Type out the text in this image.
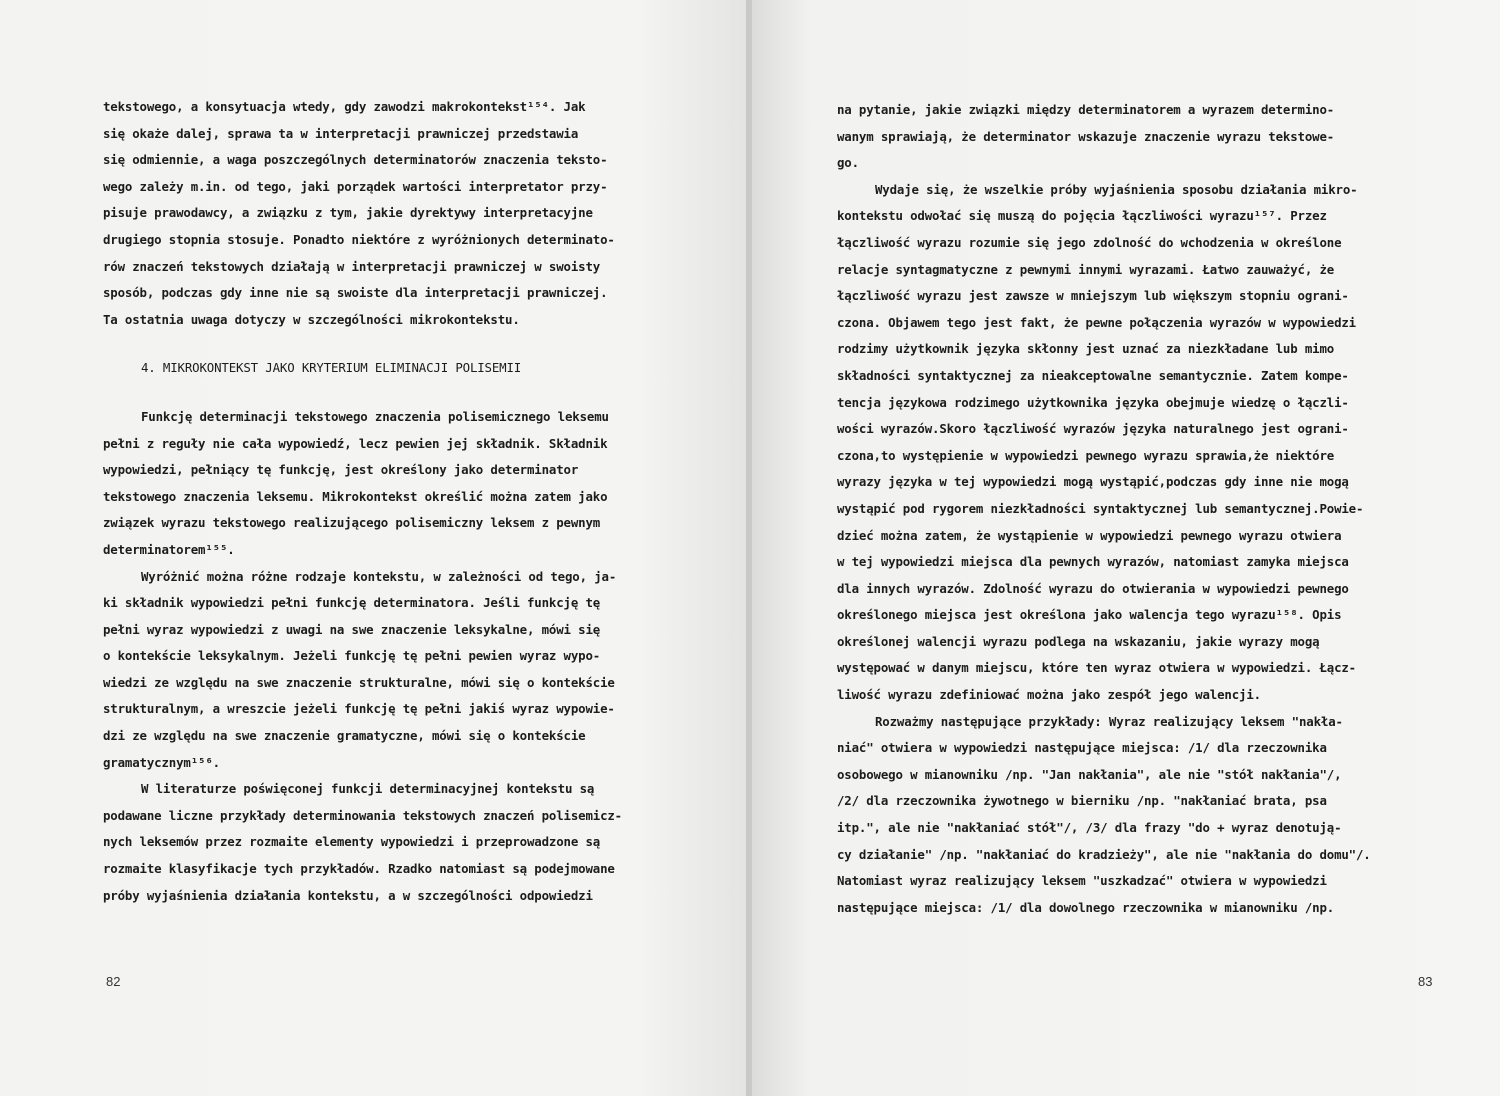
tekstowego, a konsytuacja wtedy, gdy zawodzi makrokontekst¹⁵⁴. Jak
się okaże dalej, sprawa ta w interpretacji prawniczej przedstawia
się odmiennie, a waga poszczególnych determinatorów znaczenia teksto-
wego zależy m.in. od tego, jaki porządek wartości interpretator przy-
pisuje prawodawcy, a związku z tym, jakie dyrektywy interpretacyjne
drugiego stopnia stosuje. Ponadto niektóre z wyróżnionych determinato-
rów znaczeń tekstowych działają w interpretacji prawniczej w swoisty
sposób, podczas gdy inne nie są swoiste dla interpretacji prawniczej.
Ta ostatnia uwaga dotyczy w szczególności mikrokontekstu.
4. MIKROKONTEKST JAKO KRYTERIUM ELIMINACJI POLISEMII
Funkcję determinacji tekstowego znaczenia polisemicznego leksemu
pełni z reguły nie cała wypowiedź, lecz pewien jej składnik. Składnik
wypowiedzi, pełniący tę funkcję, jest określony jako determinator
tekstowego znaczenia leksemu. Mikrokontekst określić można zatem jako
związek wyrazu tekstowego realizującego polisemiczny leksem z pewnym
determinatorem¹⁵⁵.
Wyróżnić można różne rodzaje kontekstu, w zależności od tego, ja-
ki składnik wypowiedzi pełni funkcję determinatora. Jeśli funkcję tę
pełni wyraz wypowiedzi z uwagi na swe znaczenie leksykalne, mówi się
o kontekście leksykalnym. Jeżeli funkcję tę pełni pewien wyraz wypo-
wiedzi ze względu na swe znaczenie strukturalne, mówi się o kontekście
strukturalnym, a wreszcie jeżeli funkcję tę pełni jakiś wyraz wypowie-
dzi ze względu na swe znaczenie gramatyczne, mówi się o kontekście
gramatycznym¹⁵⁶.
W literaturze poświęconej funkcji determinacyjnej kontekstu są
podawane liczne przykłady determinowania tekstowych znaczeń polisemicz-
nych leksemów przez rozmaite elementy wypowiedzi i przeprowadzone są
rozmaite klasyfikacje tych przykładów. Rzadko natomiast są podejmowane
próby wyjaśnienia działania kontekstu, a w szczególności odpowiedzi
82
na pytanie, jakie związki między determinatorem a wyrazem determino-
wanym sprawiają, że determinator wskazuje znaczenie wyrazu tekstowe-
go.
Wydaje się, że wszelkie próby wyjaśnienia sposobu działania mikro-
kontekstu odwołać się muszą do pojęcia łączliwości wyrazu¹⁵⁷. Przez
łączliwość wyrazu rozumie się jego zdolność do wchodzenia w określone
relacje syntagmatyczne z pewnymi innymi wyrazami. Łatwo zauważyć, że
łączliwość wyrazu jest zawsze w mniejszym lub większym stopniu ograni-
czona. Objawem tego jest fakt, że pewne połączenia wyrazów w wypowiedzi
rodzimy użytkownik języka skłonny jest uznać za niezkładane lub mimo
składności syntaktycznej za nieakceptowalne semantycznie. Zatem kompe-
tencja językowa rodzimego użytkownika języka obejmuje wiedzę o łączli-
wości wyrazów.Skoro łączliwość wyrazów języka naturalnego jest ograni-
czona,to występienie w wypowiedzi pewnego wyrazu sprawia,że niektóre
wyrazy języka w tej wypowiedzi mogą wystąpić,podczas gdy inne nie mogą
wystąpić pod rygorem niezkładności syntaktycznej lub semantycznej.Powie-
dzieć można zatem, że wystąpienie w wypowiedzi pewnego wyrazu otwiera
w tej wypowiedzi miejsca dla pewnych wyrazów, natomiast zamyka miejsca
dla innych wyrazów. Zdolność wyrazu do otwierania w wypowiedzi pewnego
określonego miejsca jest określona jako walencja tego wyrazu¹⁵⁸. Opis
określonej walencji wyrazu podlega na wskazaniu, jakie wyrazy mogą
występować w danym miejscu, które ten wyraz otwiera w wypowiedzi. Łącz-
liwość wyrazu zdefiniować można jako zespół jego walencji.
Rozważmy następujące przykłady: Wyraz realizujący leksem "nakła-
niać" otwiera w wypowiedzi następujące miejsca: /1/ dla rzeczownika
osobowego w mianowniku /np. "Jan nakłania", ale nie "stół nakłania"/,
/2/ dla rzeczownika żywotnego w bierniku /np. "nakłaniać brata, psa
itp.", ale nie "nakłaniać stół"/, /3/ dla frazy "do + wyraz denotują-
cy działanie" /np. "nakłaniać do kradzieży", ale nie "nakłania do domu"/.
Natomiast wyraz realizujący leksem "uszkadzać" otwiera w wypowiedzi
następujące miejsca: /1/ dla dowolnego rzeczownika w mianowniku /np.
83
